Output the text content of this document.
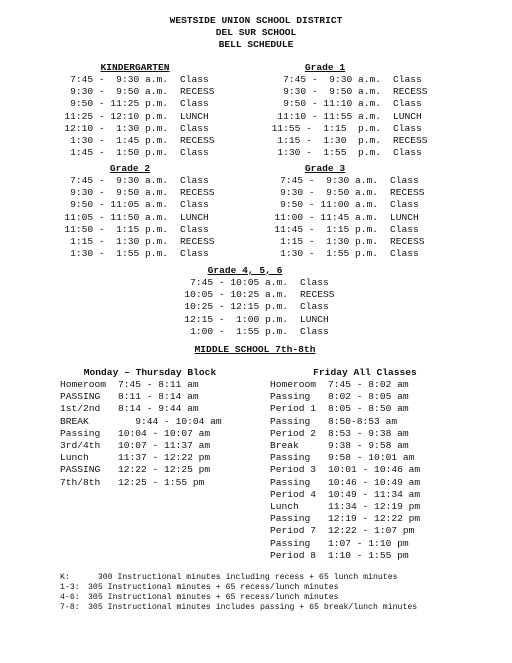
WESTSIDE UNION SCHOOL DISTRICT
DEL SUR SCHOOL
BELL SCHEDULE
KINDERGARTEN
7:45 -  9:30 a.m. Class
9:30 -  9:50 a.m. RECESS
9:50 - 11:25 p.m. Class
11:25 - 12:10 p.m. LUNCH
12:10 -  1:30 p.m. Class
1:30 -  1:45 p.m. RECESS
1:45 -  1:50 p.m. Class
Grade 1
7:45 -  9:30 a.m. Class
9:30 -  9:50 a.m. RECESS
9:50 - 11:10 a.m. Class
11:10 - 11:55 a.m. LUNCH
11:55 -  1:15  p.m. Class
1:15 -  1:30  p.m. RECESS
1:30 -  1:55  p.m. Class
Grade 2
7:45 -  9:30 a.m. Class
9:30 -  9:50 a.m. RECESS
9:50 - 11:05 a.m. Class
11:05 - 11:50 a.m. LUNCH
11:50 -  1:15 p.m. Class
1:15 -  1:30 p.m. RECESS
1:30 -  1:55 p.m. Class
Grade 3
7:45 -  9:30 a.m. Class
9:30 -  9:50 a.m. RECESS
9:50 - 11:00 a.m. Class
11:00 - 11:45 a.m. LUNCH
11:45 -  1:15 p.m. Class
1:15 -  1:30 p.m. RECESS
1:30 -  1:55 p.m. Class
Grade 4, 5, 6
7:45 - 10:05 a.m. Class
10:05 - 10:25 a.m. RECESS
10:25 - 12:15 p.m. Class
12:15 -  1:00 p.m. LUNCH
1:00 -  1:55 p.m. Class
MIDDLE SCHOOL 7th-8th
Monday – Thursday Block
Homeroom	7:45 - 8:11 am
PASSING	8:11 - 8:14 am
1st/2nd	8:14 - 9:44 am
BREAK	9:44 - 10:04 am
Passing	10:04 - 10:07 am
3rd/4th	10:07 - 11:37 am
Lunch	11:37 - 12:22 pm
PASSING	12:22 - 12:25 pm
7th/8th	12:25 - 1:55 pm
Friday All Classes
Homeroom	7:45 - 8:02 am
Passing	8:02 - 8:05 am
Period 1	8:05 - 8:50 am
Passing	8:50-8:53 am
Period 2	8:53 - 9:38 am
Break	9:38 - 9:58 am
Passing	9:58 - 10:01 am
Period 3	10:01 - 10:46 am
Passing	10:46 - 10:49 am
Period 4	10:49 - 11:34 am
Lunch	11:34 - 12:19 pm
Passing	12:19 - 12:22 pm
Period 7	12:22 - 1:07 pm
Passing	1:07 - 1:10 pm
Period 8	1:10 - 1:55 pm
K:	300 Instructional minutes including recess + 65 lunch minutes
1-3:	305 Instructional minutes + 65 recess/lunch minutes
4-6:	305 Instructional minutes + 65 recess/lunch minutes
7-8:	305 Instructional minutes includes passing + 65 break/lunch minutes
